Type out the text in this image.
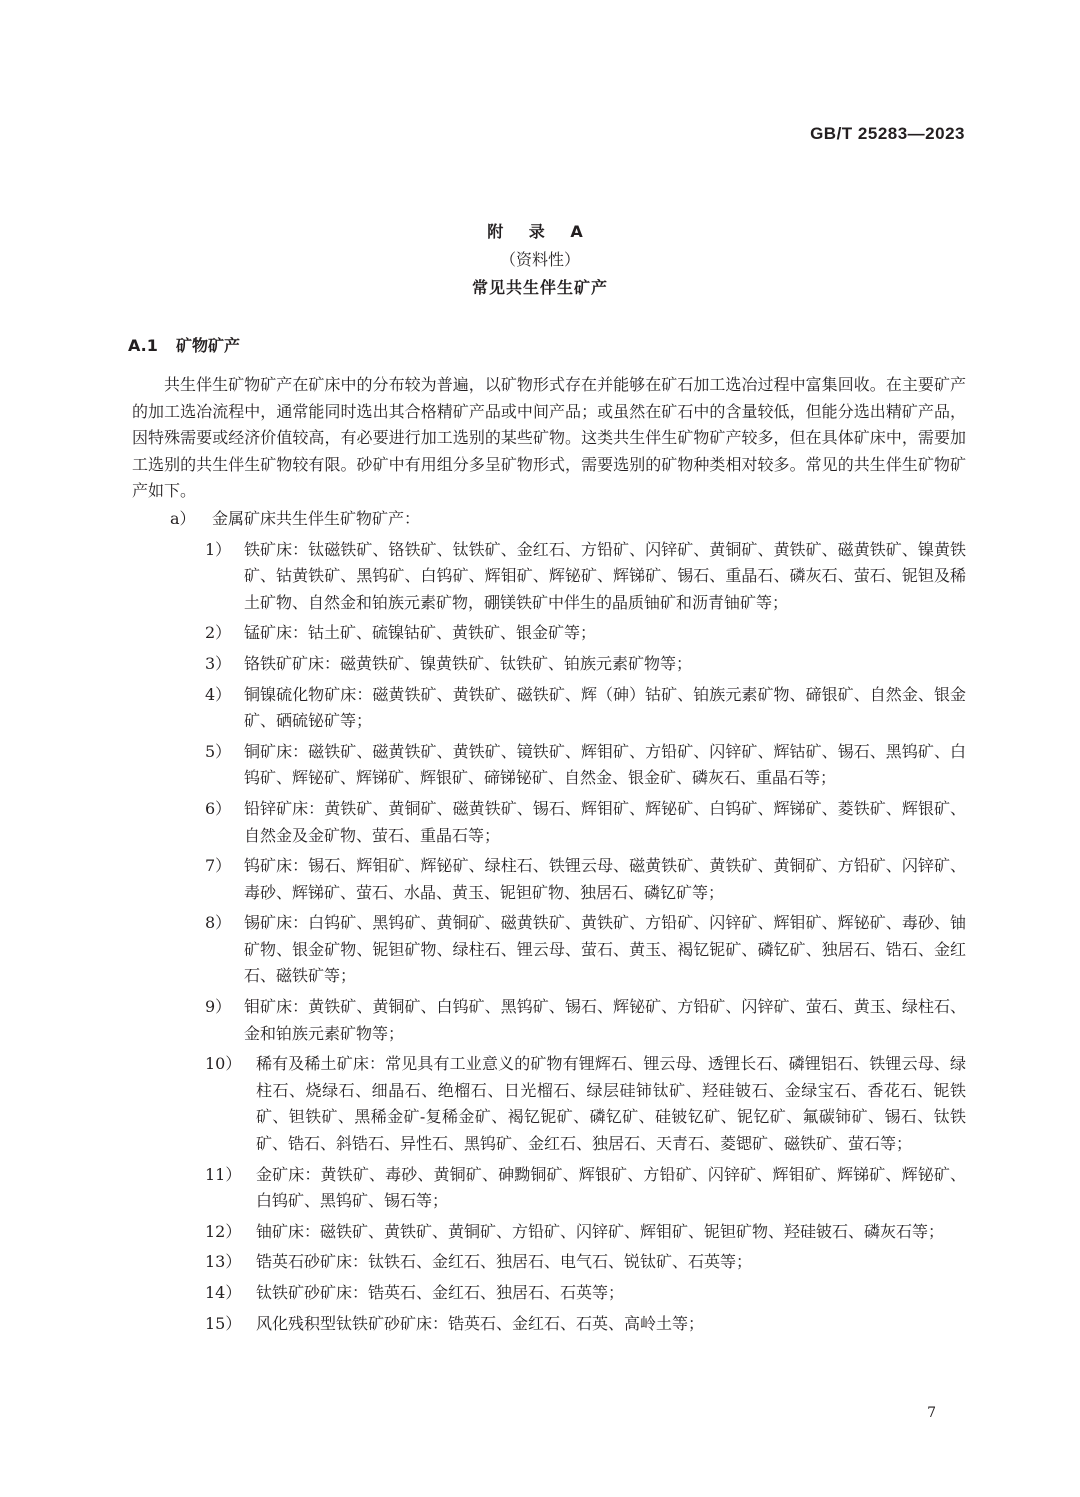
GB/T 25283—2023
附 录 A
（资料性）
常见共生伴生矿产
A.1 矿物矿产

共生伴生矿物矿产在矿床中的分布较为普遍，以矿物形式存在并能够在矿石加工选冶过程中富集回收。在主要矿产的加工选冶流程中，通常能同时选出其合格精矿产品或中间产品；或虽然在矿石中的含量较低，但能分选出精矿产品，因特殊需要或经济价值较高，有必要进行加工选别的某些矿物。这类共生伴生矿物矿产较多，但在具体矿床中，需要加工选别的共生伴生矿物较有限。砂矿中有用组分多呈矿物形式，需要选别的矿物种类相对较多。常见的共生伴生矿物矿产如下。

a） 金属矿床共生伴生矿物矿产：
1） 铁矿床：钛磁铁矿、铬铁矿、钛铁矿、金红石、方铅矿、闪锌矿、黄铜矿、黄铁矿、磁黄铁矿、镍黄铁矿、钴黄铁矿、黑钨矿、白钨矿、辉钼矿、辉铋矿、辉锑矿、锡石、重晶石、磷灰石、萤石、铌钽及稀土矿物、自然金和铂族元素矿物，硼镁铁矿中伴生的晶质铀矿和沥青铀矿等；
2） 锰矿床：钴土矿、硫镍钴矿、黄铁矿、银金矿等；
3） 铬铁矿矿床：磁黄铁矿、镍黄铁矿、钛铁矿、铂族元素矿物等；
4） 铜镍硫化物矿床：磁黄铁矿、黄铁矿、磁铁矿、辉（砷）钴矿、铂族元素矿物、碲银矿、自然金、银金矿、硒硫铋矿等；
5） 铜矿床：磁铁矿、磁黄铁矿、黄铁矿、镜铁矿、辉钼矿、方铅矿、闪锌矿、辉钴矿、锡石、黑钨矿、白钨矿、辉铋矿、辉锑矿、辉银矿、碲锑铋矿、自然金、银金矿、磷灰石、重晶石等；
6） 铅锌矿床：黄铁矿、黄铜矿、磁黄铁矿、锡石、辉钼矿、辉铋矿、白钨矿、辉锑矿、菱铁矿、辉银矿、自然金及金矿物、萤石、重晶石等；
7） 钨矿床：锡石、辉钼矿、辉铋矿、绿柱石、铁锂云母、磁黄铁矿、黄铁矿、黄铜矿、方铅矿、闪锌矿、毒砂、辉锑矿、萤石、水晶、黄玉、铌钽矿物、独居石、磷钇矿等；
8） 锡矿床：白钨矿、黑钨矿、黄铜矿、磁黄铁矿、黄铁矿、方铅矿、闪锌矿、辉钼矿、辉铋矿、毒砂、铀矿物、银金矿物、铌钽矿物、绿柱石、锂云母、萤石、黄玉、褐钇铌矿、磷钇矿、独居石、锆石、金红石、磁铁矿等；
9） 钼矿床：黄铁矿、黄铜矿、白钨矿、黑钨矿、锡石、辉铋矿、方铅矿、闪锌矿、萤石、黄玉、绿柱石、金和铂族元素矿物等；
10） 稀有及稀土矿床：常见具有工业意义的矿物有锂辉石、锂云母、透锂长石、磷锂铝石、铁锂云母、绿柱石、烧绿石、细晶石、绝榴石、日光榴石、绿层硅铈钛矿、羟硅铍石、金绿宝石、香花石、铌铁矿、钽铁矿、黑稀金矿-复稀金矿、褐钇铌矿、磷钇矿、硅铍钇矿、铌钇矿、氟碳铈矿、锡石、钛铁矿、锆石、斜锆石、异性石、黑钨矿、金红石、独居石、天青石、菱锶矿、磁铁矿、萤石等；
11） 金矿床：黄铁矿、毒砂、黄铜矿、砷黝铜矿、辉银矿、方铅矿、闪锌矿、辉钼矿、辉锑矿、辉铋矿、白钨矿、黑钨矿、锡石等；
12） 铀矿床：磁铁矿、黄铁矿、黄铜矿、方铅矿、闪锌矿、辉钼矿、铌钽矿物、羟硅铍石、磷灰石等；
13） 锆英石砂矿床：钛铁石、金红石、独居石、电气石、锐钛矿、石英等；
14） 钛铁矿砂矿床：锆英石、金红石、独居石、石英等；
15） 风化残积型钛铁矿砂矿床：锆英石、金红石、石英、高岭土等；
7
